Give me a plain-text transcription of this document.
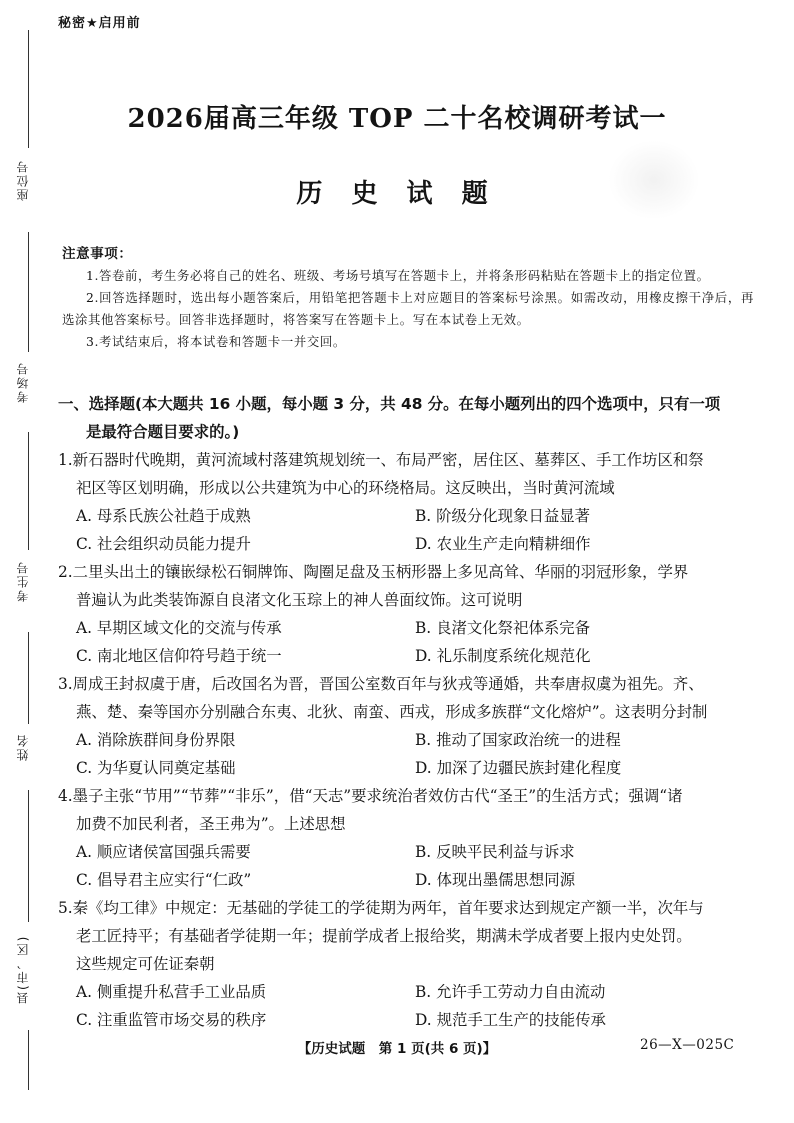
秘密★启用前
座位号
考场号
考生号
姓名
县(市、区)
2026届高三年级 TOP 二十名校调研考试一
历 史 试 题
注意事项：

1.答卷前，考生务必将自己的姓名、班级、考场号填写在答题卡上，并将条形码粘贴在答题卡上的指定位置。

2.回答选择题时，选出每小题答案后，用铅笔把答题卡上对应题目的答案标号涂黑。如需改动，用橡皮擦干净后，再选涂其他答案标号。回答非选择题时，将答案写在答题卡上。写在本试卷上无效。

3.考试结束后，将本试卷和答题卡一并交回。

一、选择题(本大题共 16 小题，每小题 3 分，共 48 分。在每小题列出的四个选项中，只有一项
是最符合题目要求的。)
1.新石器时代晚期，黄河流域村落建筑规划统一、布局严密，居住区、墓葬区、手工作坊区和祭
祀区等区划明确，形成以公共建筑为中心的环绕格局。这反映出，当时黄河流域
A. 母系氏族公社趋于成熟	B. 阶级分化现象日益显著
C. 社会组织动员能力提升	D. 农业生产走向精耕细作
2.二里头出土的镶嵌绿松石铜牌饰、陶圈足盘及玉柄形器上多见高耸、华丽的羽冠形象，学界
普遍认为此类装饰源自良渚文化玉琮上的神人兽面纹饰。这可说明
A. 早期区域文化的交流与传承	B. 良渚文化祭祀体系完备
C. 南北地区信仰符号趋于统一	D. 礼乐制度系统化规范化
3.周成王封叔虞于唐，后改国名为晋，晋国公室数百年与狄戎等通婚，共奉唐叔虞为祖先。齐、
燕、楚、秦等国亦分别融合东夷、北狄、南蛮、西戎，形成多族群“文化熔炉”。这表明分封制
A. 消除族群间身份界限	B. 推动了国家政治统一的进程
C. 为华夏认同奠定基础	D. 加深了边疆民族封建化程度
4.墨子主张“节用”“节葬”“非乐”，借“天志”要求统治者效仿古代“圣王”的生活方式；强调“诸
加费不加民利者，圣王弗为”。上述思想
A. 顺应诸侯富国强兵需要	B. 反映平民利益与诉求
C. 倡导君主应实行“仁政”	D. 体现出墨儒思想同源
5.秦《均工律》中规定：无基础的学徒工的学徒期为两年，首年要求达到规定产额一半，次年与
老工匠持平；有基础者学徒期一年；提前学成者上报给奖，期满未学成者要上报内史处罚。
这些规定可佐证秦朝
A. 侧重提升私营手工业品质	B. 允许手工劳动力自由流动
C. 注重监管市场交易的秩序	D. 规范手工生产的技能传承
【历史试题　第 1 页(共 6 页)】	26—X—025C
